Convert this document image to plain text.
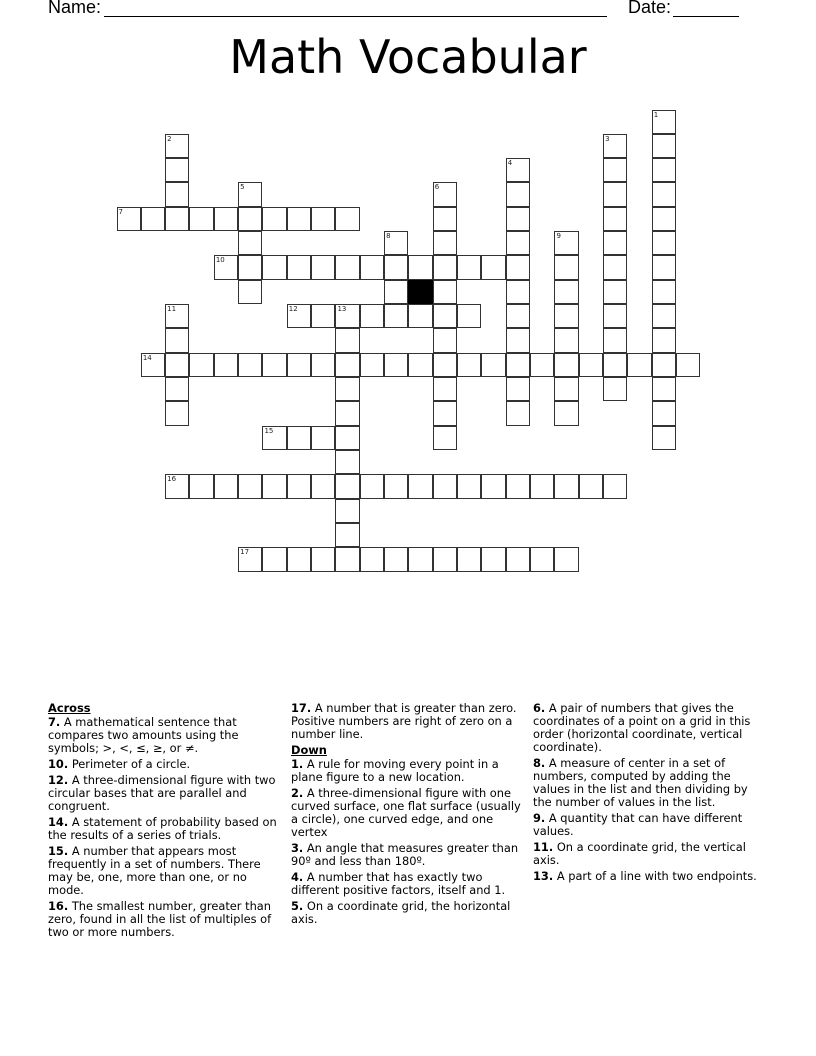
Name:	Date:
Math Vocabular
1
2	3
4
5	6
7
8	9
10
11	12	13
14
15
16
17
Across
7. A mathematical sentence that compares two amounts using the symbols; >, <, ≤, ≥, or ≠.
10. Perimeter of a circle.
12. A three-dimensional figure with two circular bases that are parallel and congruent.
14. A statement of probability based on the results of a series of trials.
15. A number that appears most frequently in a set of numbers. There may be, one, more than one, or no mode.
16. The smallest number, greater than zero, found in all the list of multiples of two or more numbers.
17. A number that is greater than zero. Positive numbers are right of zero on a number line.
Down
1. A rule for moving every point in a plane figure to a new location.
2. A three-dimensional figure with one curved surface, one flat surface (usually a circle), one curved edge, and one vertex
3. An angle that measures greater than 90º and less than 180º.
4. A number that has exactly two different positive factors, itself and 1.
5. On a coordinate grid, the horizontal axis.
6. A pair of numbers that gives the coordinates of a point on a grid in this order (horizontal coordinate, vertical coordinate).
8. A measure of center in a set of numbers, computed by adding the values in the list and then dividing by the number of values in the list.
9. A quantity that can have different values.
11. On a coordinate grid, the vertical axis.
13. A part of a line with two endpoints.
